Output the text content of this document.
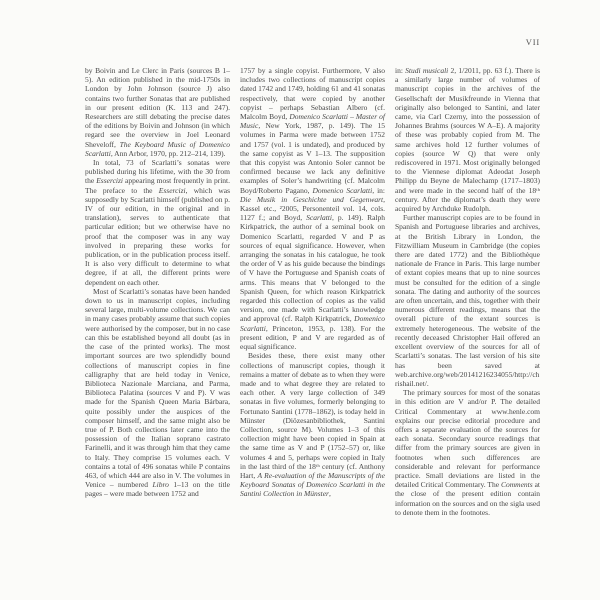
VII

by Boivin and Le Clerc in Paris (sources B 1–5). An edition published in the mid-1750s in London by John Johnson (source J) also contains two further Sonatas that are published in our present edition (K. 113 and 247). Researchers are still debating the precise dates of the editions by Boivin and Johnson (in which regard see the overview in Joel Leonard Sheveloff, The Keyboard Music of Domenico Scarlatti, Ann Arbor, 1970, pp. 212–214, 139).

In total, 73 of Scarlatti’s sonatas were published during his lifetime, with the 30 from the Essercizi appearing most frequently in print. The preface to the Essercizi, which was supposedly by Scarlatti himself (published on p. IV of our edition, in the original and in translation), serves to authenticate that particular edition; but we otherwise have no proof that the composer was in any way involved in preparing these works for publication, or in the publication process itself. It is also very difficult to determine to what degree, if at all, the different prints were dependent on each other.

Most of Scarlatti’s sonatas have been handed down to us in manuscript copies, including several large, multi-volume collections. We can in many cases probably assume that such copies were authorised by the composer, but in no case can this be established beyond all doubt (as in the case of the printed works). The most important sources are two splendidly bound collections of manuscript copies in fine calligraphy that are held today in Venice, Biblioteca Nazionale Marciana, and Parma, Biblioteca Palatina (sources V and P). V was made for the Spanish Queen Maria Bárbara, quite possibly under the auspices of the composer himself, and the same might also be true of P. Both collections later came into the possession of the Italian soprano castrato Farinelli, and it was through him that they came to Italy. They comprise 15 volumes each. V contains a total of 496 sonatas while P contains 463, of which 444 are also in V. The volumes in Venice – numbered Libro 1–13 on the title pages – were made between 1752 and

1757 by a single copyist. Furthermore, V also includes two collections of manuscript copies dated 1742 and 1749, holding 61 and 41 sonatas respectively, that were copied by another copyist – perhaps Sebastian Albero (cf. Malcolm Boyd, Domenico Scarlatti – Master of Music, New York, 1987, p. 149). The 15 volumes in Parma were made between 1752 and 1757 (vol. 1 is undated), and produced by the same copyist as V 1–13. The supposition that this copyist was Antonio Soler cannot be confirmed because we lack any definitive examples of Soler’s handwriting (cf. Malcolm Boyd/Roberto Pagano, Domenico Scarlatti, in: Die Musik in Geschichte und Gegenwart, Kassel etc., ²2005, Personenteil vol. 14, cols. 1127 f.; and Boyd, Scarlatti, p. 149). Ralph Kirkpatrick, the author of a seminal book on Domenico Scarlatti, regarded V and P as sources of equal significance. However, when arranging the sonatas in his catalogue, he took the order of V as his guide because the bindings of V have the Portuguese and Spanish coats of arms. This means that V belonged to the Spanish Queen, for which reason Kirkpatrick regarded this collection of copies as the valid version, one made with Scarlatti’s knowledge and approval (cf. Ralph Kirkpatrick, Domenico Scarlatti, Princeton, 1953, p. 138). For the present edition, P and V are regarded as of equal significance.

Besides these, there exist many other collections of manuscript copies, though it remains a matter of debate as to when they were made and to what degree they are related to each other. A very large collection of 349 sonatas in five volumes, formerly belonging to Fortunato Santini (1778–1862), is today held in Münster (Diözesanbibliothek, Santini Collection, source M). Volumes 1–3 of this collection might have been copied in Spain at the same time as V and P (1752–57) or, like volumes 4 and 5, perhaps were copied in Italy in the last third of the 18ᵗʰ century (cf. Anthony Hart, A Re-evaluation of the Manuscripts of the Keyboard Sonatas of Domenico Scarlatti in the Santini Collection in Münster,

in: Studi musicali 2, 1/2011, pp. 63 f.). There is a similarly large number of volumes of manuscript copies in the archives of the Gesellschaft der Musikfreunde in Vienna that originally also belonged to Santini, and later came, via Carl Czerny, into the possession of Johannes Brahms (sources W A–E). A majority of these was probably copied from M. The same archives hold 12 further volumes of copies (source W Q) that were only rediscovered in 1971. Most originally belonged to the Viennese diplomat Adeodat Joseph Philipp du Beyne de Malechamp (1717–1803) and were made in the second half of the 18ᵗʰ century. After the diplomat’s death they were acquired by Archduke Rudolph.

Further manuscript copies are to be found in Spanish and Portuguese libraries and archives, at the British Library in London, the Fitzwilliam Museum in Cambridge (the copies there are dated 1772) and the Bibliothèque nationale de France in Paris. This large number of extant copies means that up to nine sources must be consulted for the edition of a single sonata. The dating and authority of the sources are often uncertain, and this, together with their numerous different readings, means that the overall picture of the extant sources is extremely heterogeneous. The website of the recently deceased Christopher Hail offered an excellent overview of the sources for all of Scarlatti’s sonatas. The last version of his site has been saved at web.archive.org/web/20141216234055/http://chrishail.net/.

The primary sources for most of the sonatas in this edition are V and/or P. The detailed Critical Commentary at www.henle.com explains our precise editorial procedure and offers a separate evaluation of the sources for each sonata. Secondary source readings that differ from the primary sources are given in footnotes when such differences are considerable and relevant for performance practice. Small deviations are listed in the detailed Critical Commentary. The Comments at the close of the present edition contain information on the sources and on the sigla used to denote them in the footnotes.
